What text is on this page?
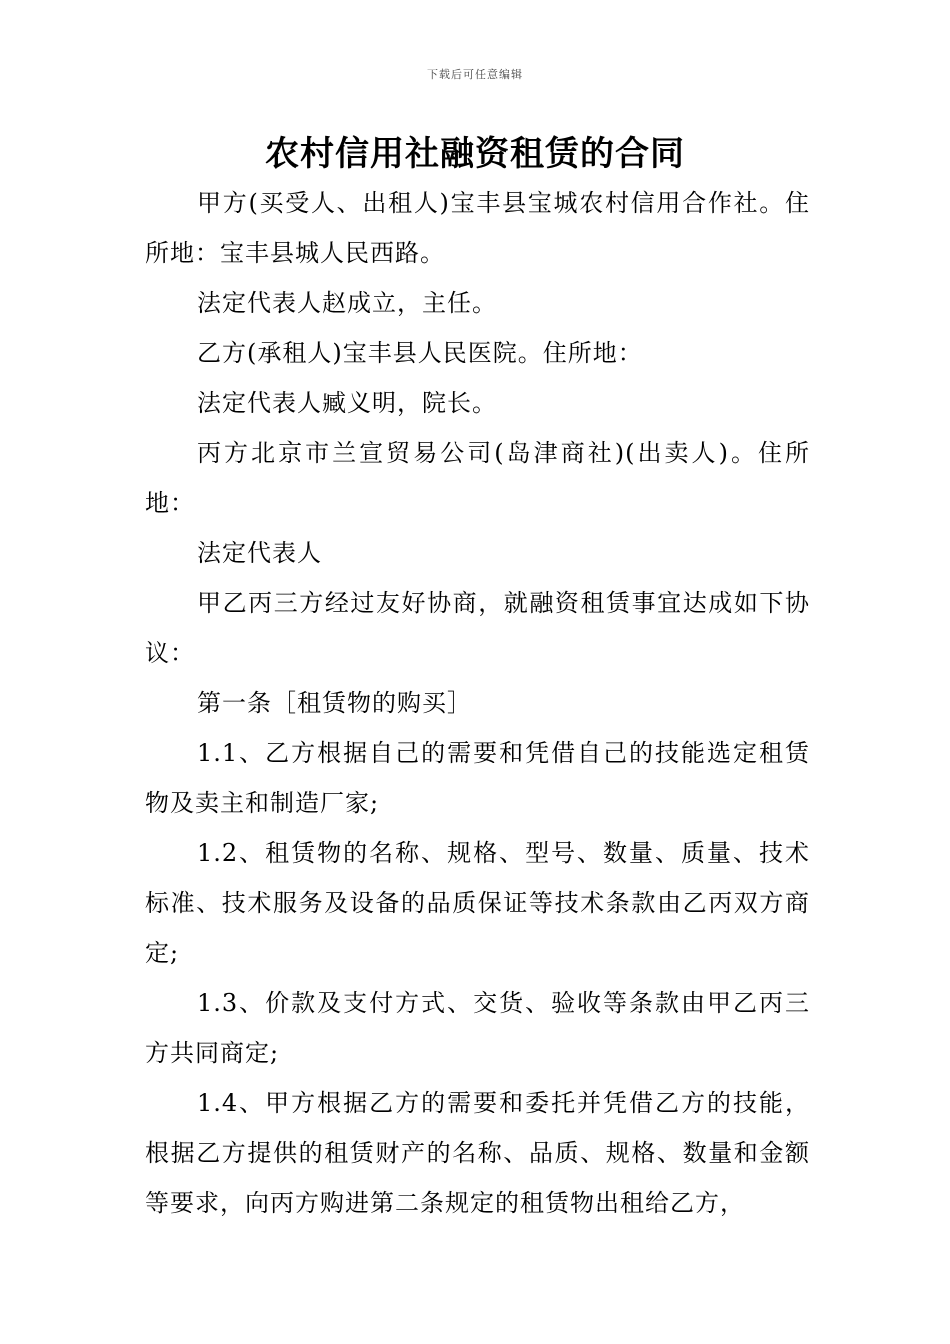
下载后可任意编辑
农村信用社融资租赁的合同

甲方(买受人、出租人)宝丰县宝城农村信用合作社。住所地：宝丰县城人民西路。

法定代表人赵成立，主任。

乙方(承租人)宝丰县人民医院。住所地：

法定代表人臧义明，院长。

丙方北京市兰宣贸易公司(岛津商社)(出卖人)。住所地：

法定代表人

甲乙丙三方经过友好协商，就融资租赁事宜达成如下协议：

第一条［租赁物的购买］

1.1、乙方根据自己的需要和凭借自己的技能选定租赁物及卖主和制造厂家;

1.2、租赁物的名称、规格、型号、数量、质量、技术标准、技术服务及设备的品质保证等技术条款由乙丙双方商定;

1.3、价款及支付方式、交货、验收等条款由甲乙丙三方共同商定;

1.4、甲方根据乙方的需要和委托并凭借乙方的技能，根据乙方提供的租赁财产的名称、品质、规格、数量和金额等要求，向丙方购进第二条规定的租赁物出租给乙方，
